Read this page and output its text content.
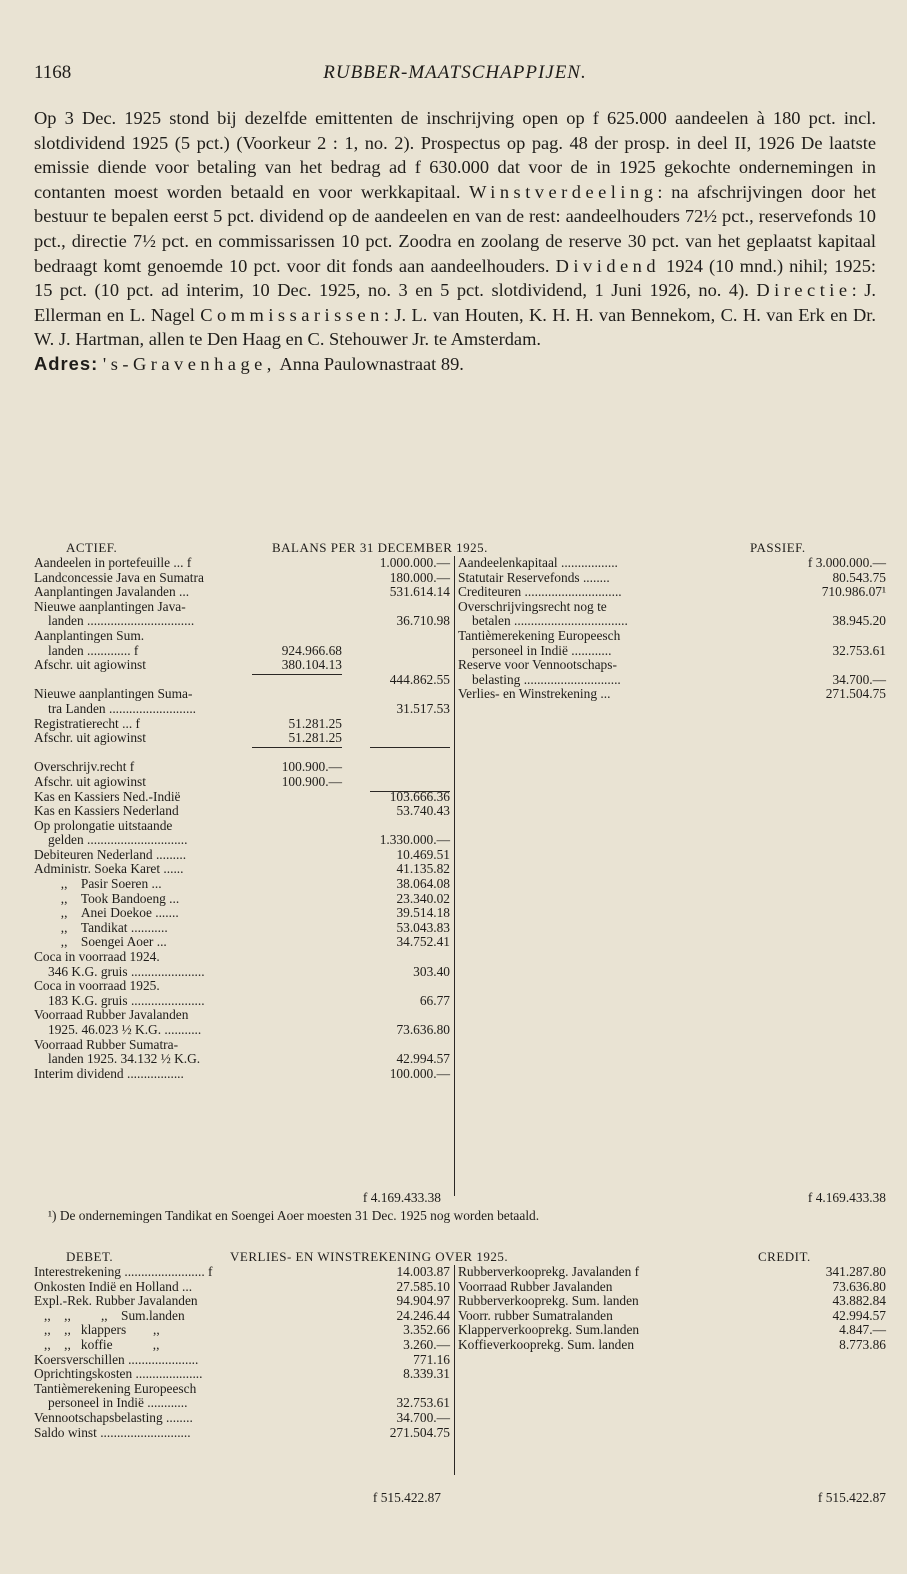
1168	RUBBER-MAATSCHAPPIJEN.

Op 3 Dec. 1925 stond bij dezelfde emittenten de inschrijving open op f 625.000 aandeelen à 180 pct. incl. slotdividend 1925 (5 pct.) (Voorkeur 2 : 1, no. 2). Prospectus op pag. 48 der prosp. in deel II, 1926 De laatste emissie diende voor betaling van het bedrag ad f 630.000 dat voor de in 1925 gekochte ondernemingen in contanten moest worden betaald en voor werkkapitaal. Winstverdeeling: na afschrijvingen door het bestuur te bepalen eerst 5 pct. dividend op de aandeelen en van de rest: aandeelhouders 72½ pct., reservefonds 10 pct., directie 7½ pct. en commissarissen 10 pct. Zoodra en zoolang de reserve 30 pct. van het geplaatst kapitaal bedraagt komt genoemde 10 pct. voor dit fonds aan aandeelhouders. Dividend 1924 (10 mnd.) nihil; 1925: 15 pct. (10 pct. ad interim, 10 Dec. 1925, no. 3 en 5 pct. slotdividend, 1 Juni 1926, no. 4). Directie: J. Ellerman en L. Nagel Commissarissen: J. L. van Houten, K. H. H. van Bennekom, C. H. van Erk en Dr. W. J. Hartman, allen te Den Haag en C. Stehouwer Jr. te Amsterdam.

Adres: 's-Gravenhage, Anna Paulownastraat 89.

ACTIEF.	BALANS PER 31 DECEMBER 1925.	PASSIEF.
Aandeelen in portefeuille ... f	1.000.000.—
Landconcessie Java en Sumatra	180.000.—
Aanplantingen Javalanden ...	531.614.14
Nieuwe aanplantingen Java-
landen ................................	36.710.98
Aanplantingen Sum.
landen ............. f	924.966.68
Afschr. uit agiowinst	380.104.13
444.862.55
Nieuwe aanplantingen Suma-
tra Landen ..........................	31.517.53
Registratierecht ... f	51.281.25
Afschr. uit agiowinst	51.281.25
Overschrijv.recht f	100.900.—
Afschr. uit agiowinst	100.900.—
Kas en Kassiers Ned.-Indië	103.666.36
Kas en Kassiers Nederland	53.740.43
Op prolongatie uitstaande
gelden ..............................	1.330.000.—
Debiteuren Nederland .........	10.469.51
Administr. Soeka Karet ......	41.135.82
,,    Pasir Soeren ...	38.064.08
,,    Took Bandoeng ...	23.340.02
,,    Anei Doekoe .......	39.514.18
,,    Tandikat ...........	53.043.83
,,    Soengei Aoer ...	34.752.41
Coca in voorraad 1924.
346 K.G. gruis ......................	303.40
Coca in voorraad 1925.
183 K.G. gruis ......................	66.77
Voorraad Rubber Javalanden
1925. 46.023 ½ K.G. ...........	73.636.80
Voorraad Rubber Sumatra-
landen 1925. 34.132 ½ K.G.	42.994.57
Interim dividend .................	100.000.—
Aandeelenkapitaal .................	f 3.000.000.—
Statutair Reservefonds ........	80.543.75
Crediteuren .............................	710.986.07¹
Overschrijvingsrecht nog te
betalen ..................................	38.945.20
Tantièmerekening Europeesch
personeel in Indië ............	32.753.61
Reserve voor Vennootschaps-
belasting .............................	34.700.—
Verlies- en Winstrekening ...	271.504.75
f 4.169.433.38	f 4.169.433.38
¹) De ondernemingen Tandikat en Soengei Aoer moesten 31 Dec. 1925 nog worden betaald.
DEBET.	VERLIES- EN WINSTREKENING OVER 1925.	CREDIT.
Interestrekening ........................ f	14.003.87
Onkosten Indië en Holland ...	27.585.10
Expl.-Rek. Rubber Javalanden	94.904.97
,,    ,,         ,,    Sum.landen	24.246.44
,,    ,,   klappers        ,,	3.352.66
,,    ,,   koffie            ,,	3.260.—
Koersverschillen .....................	771.16
Oprichtingskosten ....................	8.339.31
Tantièmerekening Europeesch
personeel in Indië ............	32.753.61
Vennootschapsbelasting ........	34.700.—
Saldo winst ...........................	271.504.75
Rubberverkooprekg. Javalanden f	341.287.80
Voorraad Rubber Javalanden	73.636.80
Rubberverkooprekg. Sum. landen	43.882.84
Voorr. rubber Sumatralanden	42.994.57
Klapperverkooprekg. Sum.landen	4.847.—
Koffieverkooprekg. Sum. landen	8.773.86
f 515.422.87	f 515.422.87
